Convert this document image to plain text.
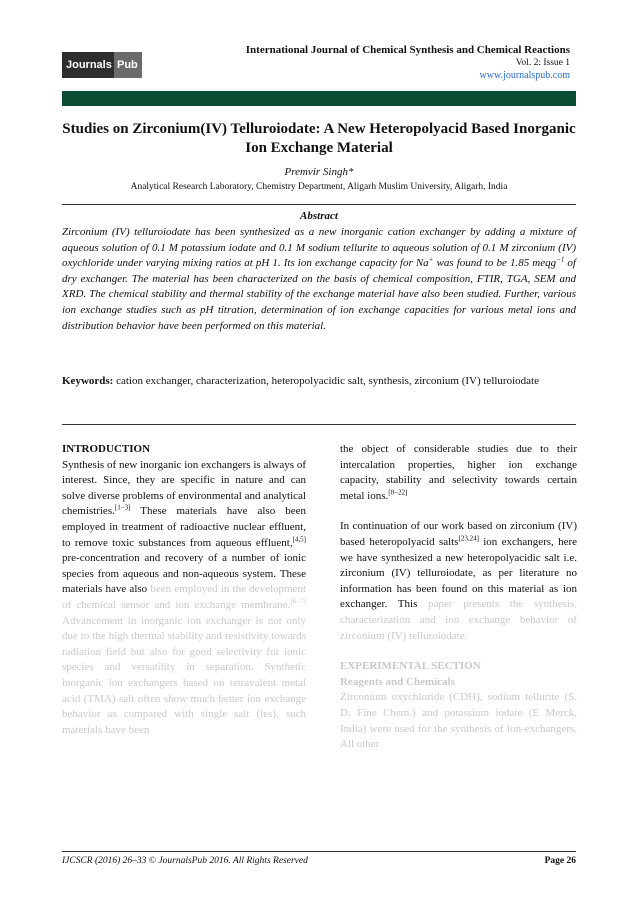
Journals Pub
International Journal of Chemical Synthesis and Chemical Reactions
Vol. 2: Issue 1
www.journalspub.com
Studies on Zirconium(IV) Telluroiodate: A New Heteropolyacid Based Inorganic Ion Exchange Material
Premvir Singh*
Analytical Research Laboratory, Chemistry Department, Aligarh Muslim University, Aligarh, India
Abstract
Zirconium (IV) telluroiodate has been synthesized as a new inorganic cation exchanger by adding a mixture of aqueous solution of 0.1 M potassium iodate and 0.1 M sodium tellurite to aqueous solution of 0.1 M zirconium (IV) oxychloride under varying mixing ratios at pH 1. Its ion exchange capacity for Na+ was found to be 1.85 meqg$^{-1}$ of dry exchanger. The material has been characterized on the basis of chemical composition, FTIR, TGA, SEM and XRD. The chemical stability and thermal stability of the exchange material have also been studied. Further, various ion exchange studies such as pH titration, determination of ion exchange capacities for various metal ions and distribution behavior have been performed on this material.
Keywords: cation exchanger, characterization, heteropolyacidic salt, synthesis, zirconium (IV) telluroiodate
INTRODUCTION
Synthesis of new inorganic ion exchangers is always of interest. Since, they are specific in nature and can solve diverse problems of environmental and analytical chemistries.[1−3] These materials have also been employed in treatment of radioactive nuclear effluent, to remove toxic substances from aqueous effluent,[4,5] pre-concentration and recovery of a number of ionic species from aqueous and non-aqueous system. These materials have also been employed in the development of chemical sensor and ion exchange membrane.[6−7] Advancement in inorganic ion exchanger is not only due to the high thermal stability and resistivity towards radiation field but also for good selectivity for ionic species and versatility in separation. Synthetic inorganic ion exchangers based on tetravalent metal acid (TMA) salt often show much better ion exchange behavior as compared with single salt (ies), such materials have been
the object of considerable studies due to their intercalation properties, higher ion exchange capacity, stability and selectivity towards certain metal ions.[8−22]
In continuation of our work based on zirconium (IV) based heteropolyacid salts[23,24] ion exchangers, here we have synthesized a new heteropolyacidic salt i.e. zirconium (IV) telluroiodate, as per literature no information has been found on this material as ion exchanger. This paper presents the synthesis, characterization and ion exchange behavior of zirconium (IV) telluroiodate.
EXPERIMENTAL SECTION
Reagents and Chemicals
Zirconium oxychloride (CDH), sodium tellurite (S. D. Fine Chem.) and potassium iodate (E Merck, India) were used for the synthesis of ion-exchangers. All other
IJCSCR (2016) 26–33 © JournalsPub 2016. All Rights Reserved	Page 26
